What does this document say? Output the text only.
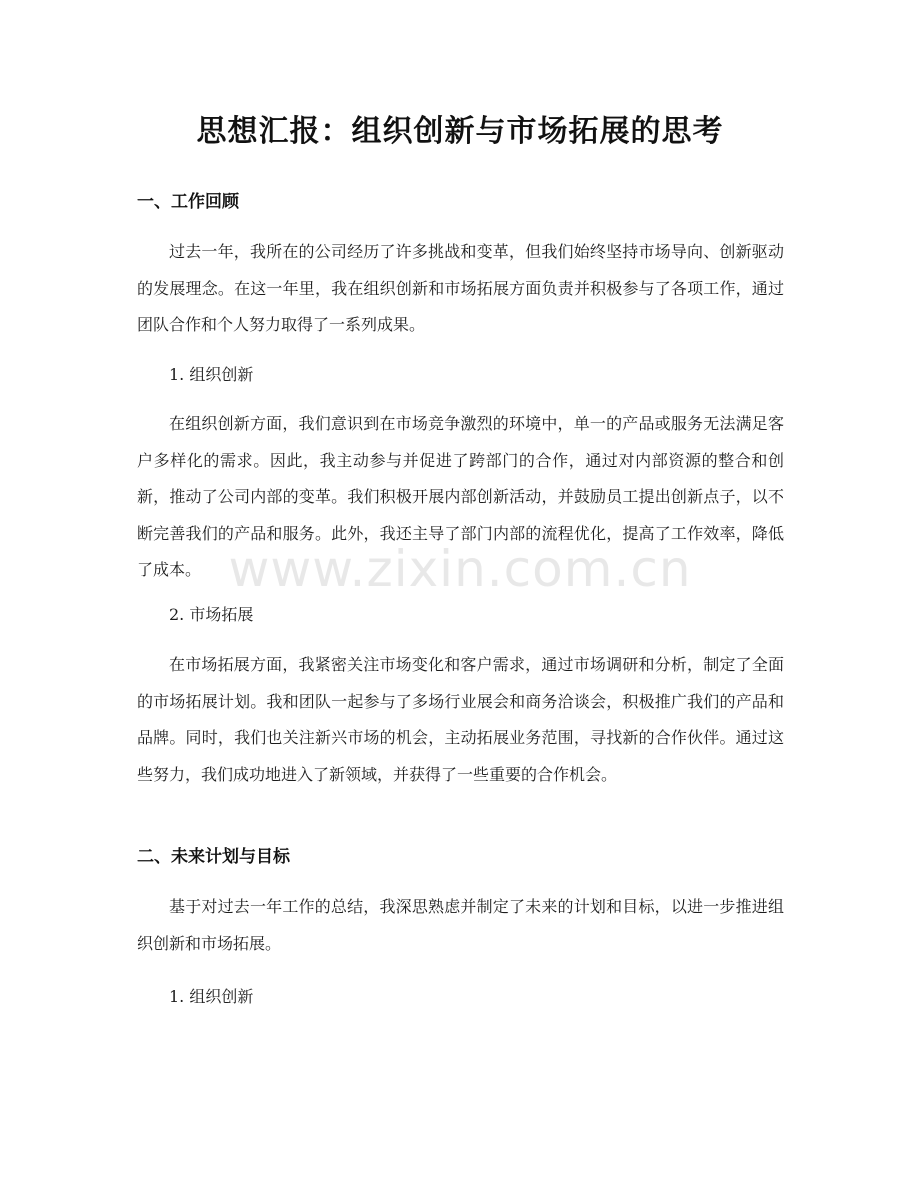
思想汇报：组织创新与市场拓展的思考
一、工作回顾

过去一年，我所在的公司经历了许多挑战和变革，但我们始终坚持市场导向、创新驱动的发展理念。在这一年里，我在组织创新和市场拓展方面负责并积极参与了各项工作，通过团队合作和个人努力取得了一系列成果。

1. 组织创新

在组织创新方面，我们意识到在市场竞争激烈的环境中，单一的产品或服务无法满足客户多样化的需求。因此，我主动参与并促进了跨部门的合作，通过对内部资源的整合和创新，推动了公司内部的变革。我们积极开展内部创新活动，并鼓励员工提出创新点子，以不断完善我们的产品和服务。此外，我还主导了部门内部的流程优化，提高了工作效率，降低了成本。

2. 市场拓展

在市场拓展方面，我紧密关注市场变化和客户需求，通过市场调研和分析，制定了全面的市场拓展计划。我和团队一起参与了多场行业展会和商务洽谈会，积极推广我们的产品和品牌。同时，我们也关注新兴市场的机会，主动拓展业务范围，寻找新的合作伙伴。通过这些努力，我们成功地进入了新领域，并获得了一些重要的合作机会。

二、未来计划与目标

基于对过去一年工作的总结，我深思熟虑并制定了未来的计划和目标，以进一步推进组织创新和市场拓展。

1. 组织创新

www.zixin.com.cn
